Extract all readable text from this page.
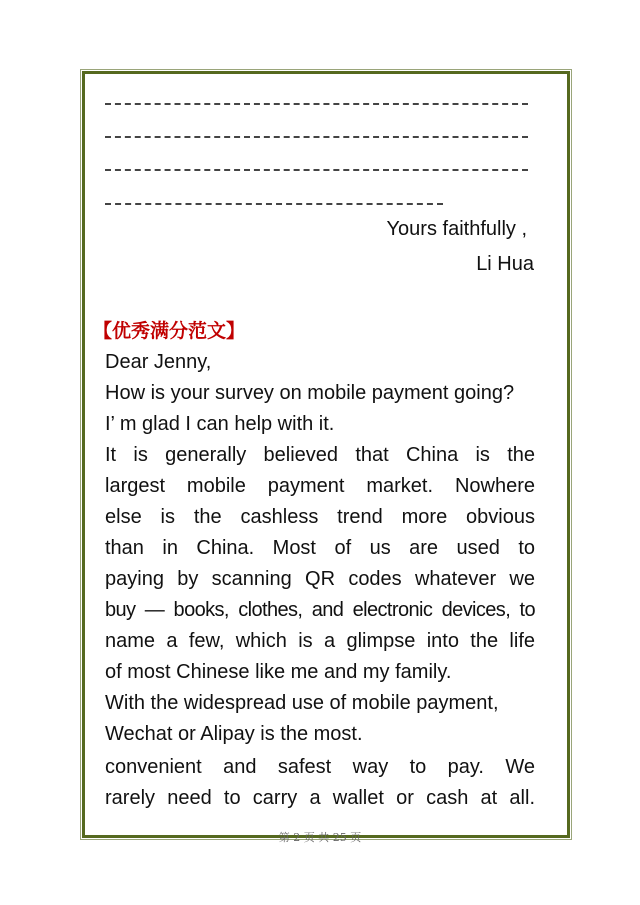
Yours faithfully ,
Li Hua
【优秀满分范文】
Dear Jenny,
How is your survey on mobile payment going?
I’ m glad I can help with it.
It is generally believed that China is the
largest mobile payment market. Nowhere
else is the cashless trend more obvious
than in China. Most of us are used to
paying by scanning QR codes whatever we
buy — books, clothes, and electronic devices, to
name a few, which is a glimpse into the life
of most Chinese like me and my family.
With the widespread use of mobile payment,
Wechat or Alipay is the most.
convenient and safest way to pay. We
rarely need to carry a wallet or cash at all.
第 2 页 共 25 页
